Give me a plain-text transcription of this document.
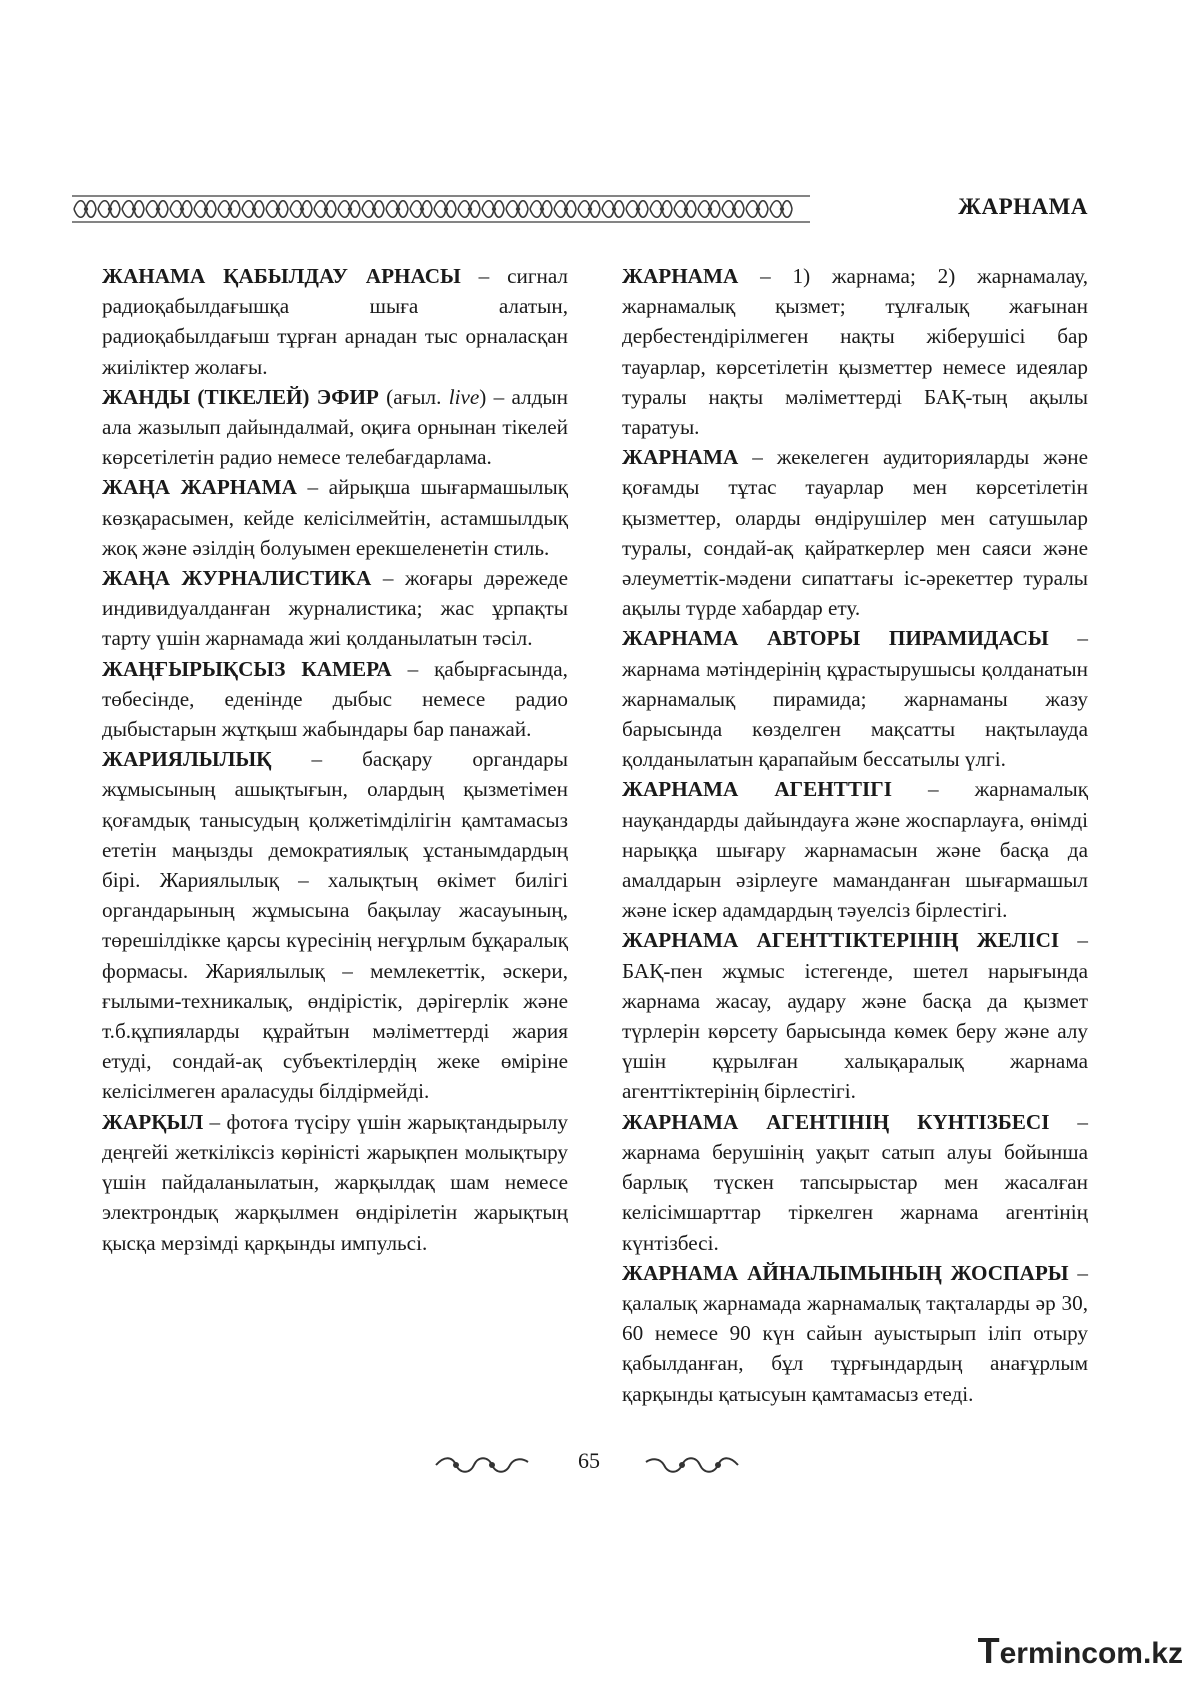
ЖАРНАМА

ЖАНАМА ҚАБЫЛДАУ АРНАСЫ – сигнал радиоқабылдағышқа шыға алатын, радиоқабылдағыш тұрған арнадан тыс орналасқан жиіліктер жолағы.

ЖАНДЫ (ТІКЕЛЕЙ) ЭФИР (ағыл. live) – алдын ала жазылып дайындалмай, оқиға орнынан тікелей көрсетілетін радио немесе телебағдарлама.

ЖАҢА ЖАРНАМА – айрықша шығармашылық көзқарасымен, кейде келісілмейтін, астамшылдық жоқ және әзілдің болуымен ерекшеленетін стиль.

ЖАҢА ЖУРНАЛИСТИКА – жоғары дәрежеде индивидуалданған журналистика; жас ұрпақты тарту үшін жарнамада жиі қолданылатын тәсіл.

ЖАҢҒЫРЫҚСЫЗ КАМЕРА – қабырғасында, төбесінде, еденінде дыбыс немесе радио дыбыстарын жұтқыш жабындары бар панажай.

ЖАРИЯЛЫЛЫҚ – басқару органдары жұмысының ашықтығын, олардың қызметімен қоғамдық танысудың қолжетімділігін қамтамасыз ететін маңызды демократиялық ұстанымдардың бірі. Жариялылық – халықтың өкімет билігі органдарының жұмысына бақылау жасауының, төрешілдікке қарсы күресінің неғұрлым бұқаралық формасы. Жариялылық – мемлекеттік, әскери, ғылыми-техникалық, өндірістік, дәрігерлік және т.б.құпияларды құрайтын мәліметтерді жария етуді, сондай-ақ субъектілердің жеке өміріне келісілмеген араласуды білдірмейді.

ЖАРҚЫЛ – фотоға түсіру үшін жарықтандырылу деңгейі жеткіліксіз көріністі жарықпен молықтыру үшін пайдаланылатын, жарқылдақ шам немесе электрондық жарқылмен өндірілетін жарықтың қысқа мерзімді қарқынды импульсі.

ЖАРНАМА – 1) жарнама; 2) жарнамалау, жарнамалық қызмет; тұлғалық жағынан дербестендірілмеген нақты жіберушісі бар тауарлар, көрсетілетін қызметтер немесе идеялар туралы нақты мәліметтерді БАҚ-тың ақылы таратуы.

ЖАРНАМА – жекелеген аудиторияларды және қоғамды тұтас тауарлар мен көрсетілетін қызметтер, оларды өндірушілер мен сатушылар туралы, сондай-ақ қайраткерлер мен саяси және әлеуметтік-мәдени сипаттағы іс-әрекеттер туралы ақылы түрде хабардар ету.

ЖАРНАМА АВТОРЫ ПИРАМИДАСЫ – жарнама мәтіндерінің құрастырушысы қолданатын жарнамалық пирамида; жарнаманы жазу барысында көзделген мақсатты нақтылауда қолданылатын қарапайым бессатылы үлгі.

ЖАРНАМА АГЕНТТІГІ – жарнамалық науқандарды дайындауға және жоспарлауға, өнімді нарыққа шығару жарнамасын және басқа да амалдарын әзірлеуге маманданған шығармашыл және іскер адамдардың тәуелсіз бірлестігі.

ЖАРНАМА АГЕНТТІКТЕРІНІҢ ЖЕЛІСІ – БАҚ-пен жұмыс істегенде, шетел нарығында жарнама жасау, аудару және басқа да қызмет түрлерін көрсету барысында көмек беру және алу үшін құрылған халықаралық жарнама агенттіктерінің бірлестігі.

ЖАРНАМА АГЕНТІНІҢ КҮНТІЗБЕСІ – жарнама берушінің уақыт сатып алуы бойынша барлық түскен тапсырыстар мен жасалған келісімшарттар тіркелген жарнама агентінің күнтізбесі.

ЖАРНАМА АЙНАЛЫМЫНЫҢ ЖОСПАРЫ – қалалық жарнамада жарнамалық тақталарды әр 30, 60 немесе 90 күн сайын ауыстырып іліп отыру қабылданған, бұл тұрғындардың анағұрлым қарқынды қатысуын қамтамасыз етеді.

65
Termincom.kz
